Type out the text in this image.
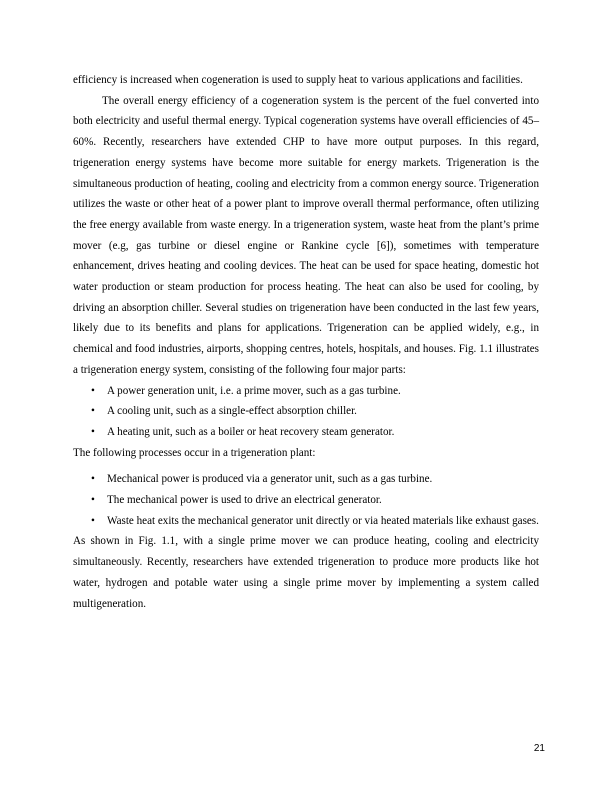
efficiency is increased when cogeneration is used to supply heat to various applications and facilities.

The overall energy efficiency of a cogeneration system is the percent of the fuel converted into both electricity and useful thermal energy. Typical cogeneration systems have overall efficiencies of 45–60%. Recently, researchers have extended CHP to have more output purposes. In this regard, trigeneration energy systems have become more suitable for energy markets. Trigeneration is the simultaneous production of heating, cooling and electricity from a common energy source. Trigeneration utilizes the waste or other heat of a power plant to improve overall thermal performance, often utilizing the free energy available from waste energy. In a trigeneration system, waste heat from the plant’s prime mover (e.g, gas turbine or diesel engine or Rankine cycle [6]), sometimes with temperature enhancement, drives heating and cooling devices. The heat can be used for space heating, domestic hot water production or steam production for process heating. The heat can also be used for cooling, by driving an absorption chiller. Several studies on trigeneration have been conducted in the last few years, likely due to its benefits and plans for applications. Trigeneration can be applied widely, e.g., in chemical and food industries, airports, shopping centres, hotels, hospitals, and houses. Fig. 1.1 illustrates a trigeneration energy system, consisting of the following four major parts:

•	A power generation unit, i.e. a prime mover, such as a gas turbine.
•	A cooling unit, such as a single-effect absorption chiller.
•	A heating unit, such as a boiler or heat recovery steam generator.

The following processes occur in a trigeneration plant:

•	Mechanical power is produced via a generator unit, such as a gas turbine.
•	The mechanical power is used to drive an electrical generator.
•	Waste heat exits the mechanical generator unit directly or via heated materials like exhaust gases.

As shown in Fig. 1.1, with a single prime mover we can produce heating, cooling and electricity simultaneously. Recently, researchers have extended trigeneration to produce more products like hot water, hydrogen and potable water using a single prime mover by implementing a system called multigeneration.

21
